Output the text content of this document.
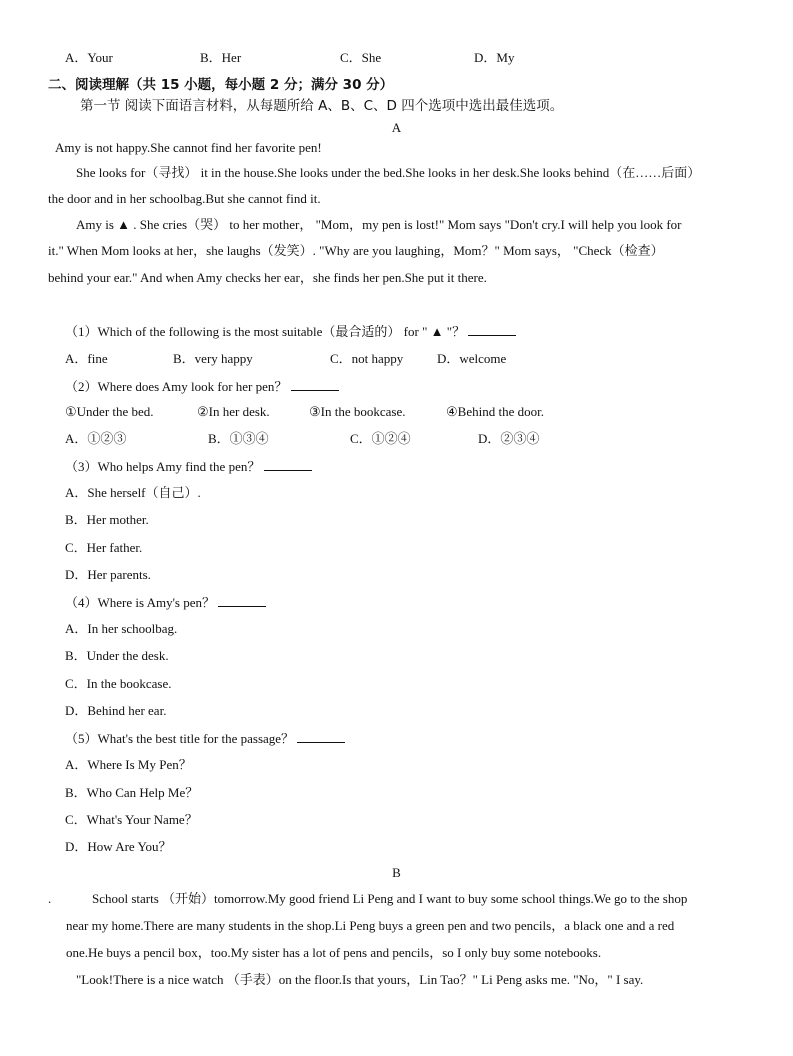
A．Your	B．Her	C．She	D．My
二、阅读理解（共 15 小题，每小题 2 分；满分 30 分）
第一节 阅读下面语言材料，从每题所给 A、B、C、D 四个选项中选出最佳选项。
A
Amy is not happy.She cannot find her favorite pen!
She looks for（寻找） it in the house.She looks under the bed.She looks in her desk.She looks behind（在……后面）
the door and in her schoolbag.But she cannot find it.
Amy is ▲ . She cries（哭） to her mother， "Mom，my pen is lost!" Mom says "Don't cry.I will help you look for
it." When Mom looks at her，she laughs（发笑）. "Why are you laughing，Mom？" Mom says， "Check（检查）
behind your ear." And when Amy checks her ear，she finds her pen.She put it there.
（1）Which of the following is the most suitable（最合适的） for " ▲ "？
A．fine	B．very happy	C．not happy	D．welcome
（2）Where does Amy look for her pen？
①Under the bed.	②In her desk.	③In the bookcase.	④Behind the door.
A．①②③	B．①③④	C．①②④	D．②③④
（3）Who helps Amy find the pen？
A．She herself（自己）.
B．Her mother.
C．Her father.
D．Her parents.
（4）Where is Amy's pen？
A．In her schoolbag.
B．Under the desk.
C．In the bookcase.
D．Behind her ear.
（5）What's the best title for the passage？
A．Where Is My Pen？
B．Who Can Help Me？
C．What's Your Name？
D．How Are You？
B
.	School starts （开始）tomorrow.My good friend Li Peng and I want to buy some school things.We go to the shop
near my home.There are many students in the shop.Li Peng buys a green pen and two pencils，a black one and a red
one.He buys a pencil box，too.My sister has a lot of pens and pencils，so I only buy some notebooks.
"Look!There is a nice watch （手表）on the floor.Is that yours，Lin Tao？" Li Peng asks me. "No，" I say.
